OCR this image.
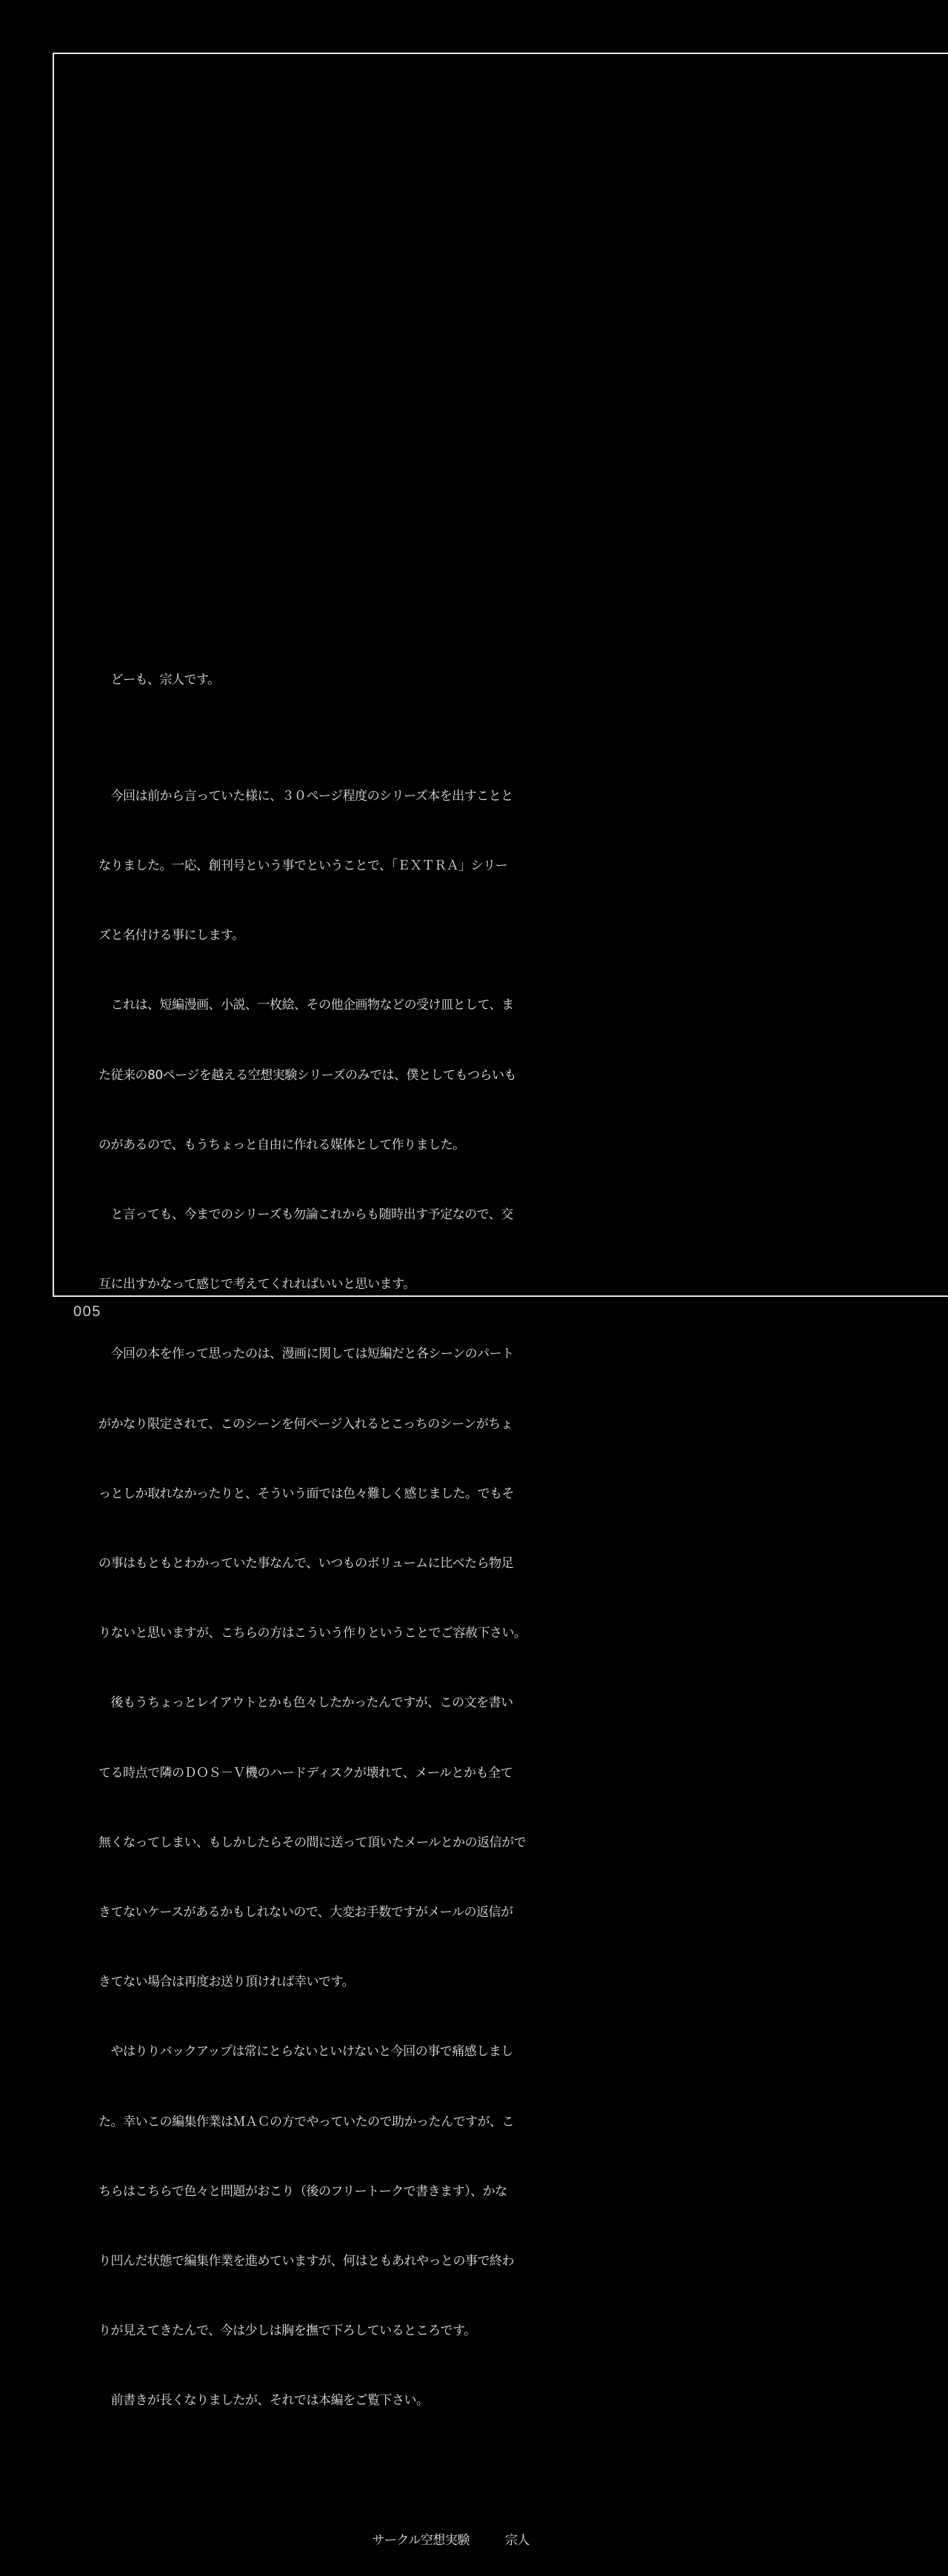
　どーも、宗人です。

　今回は前から言っていた様に、３０ページ程度のシリーズ本を出すことと

なりました。一応、創刊号という事でということで、「ＥＸＴＲＡ」シリー

ズと名付ける事にします。

　これは、短編漫画、小説、一枚絵、その他企画物などの受け皿として、ま

た従来の80ページを越える空想実験シリーズのみでは、僕としてもつらいも

のがあるので、もうちょっと自由に作れる媒体として作りました。

　と言っても、今までのシリーズも勿論これからも随時出す予定なので、交

互に出すかなって感じで考えてくれればいいと思います。

　今回の本を作って思ったのは、漫画に関しては短編だと各シーンのパート

がかなり限定されて、このシーンを何ページ入れるとこっちのシーンがちょ

っとしか取れなかったりと、そういう面では色々難しく感じました。でもそ

の事はもともとわかっていた事なんで、いつものボリュームに比べたら物足

りないと思いますが、こちらの方はこういう作りということでご容赦下さい。

　後もうちょっとレイアウトとかも色々したかったんですが、この文を書い

てる時点で隣のＤＯＳ－Ｖ機のハードディスクが壊れて、メールとかも全て

無くなってしまい、もしかしたらその間に送って頂いたメールとかの返信がで

きてないケースがあるかもしれないので、大変お手数ですがメールの返信が

きてない場合は再度お送り頂ければ幸いです。

　やはりりバックアップは常にとらないといけないと今回の事で痛感しまし

た。幸いこの編集作業はＭＡＣの方でやっていたので助かったんですが、こ

ちらはこちらで色々と問題がおこり（後のフリートークで書きます）、かな

り凹んだ状態で編集作業を進めていますが、何はともあれやっとの事で終わ

りが見えてきたんで、今は少しは胸を撫で下ろしているところです。

　前書きが長くなりましたが、それでは本編をご覧下さい。

サークル空想実験	宗人

005
